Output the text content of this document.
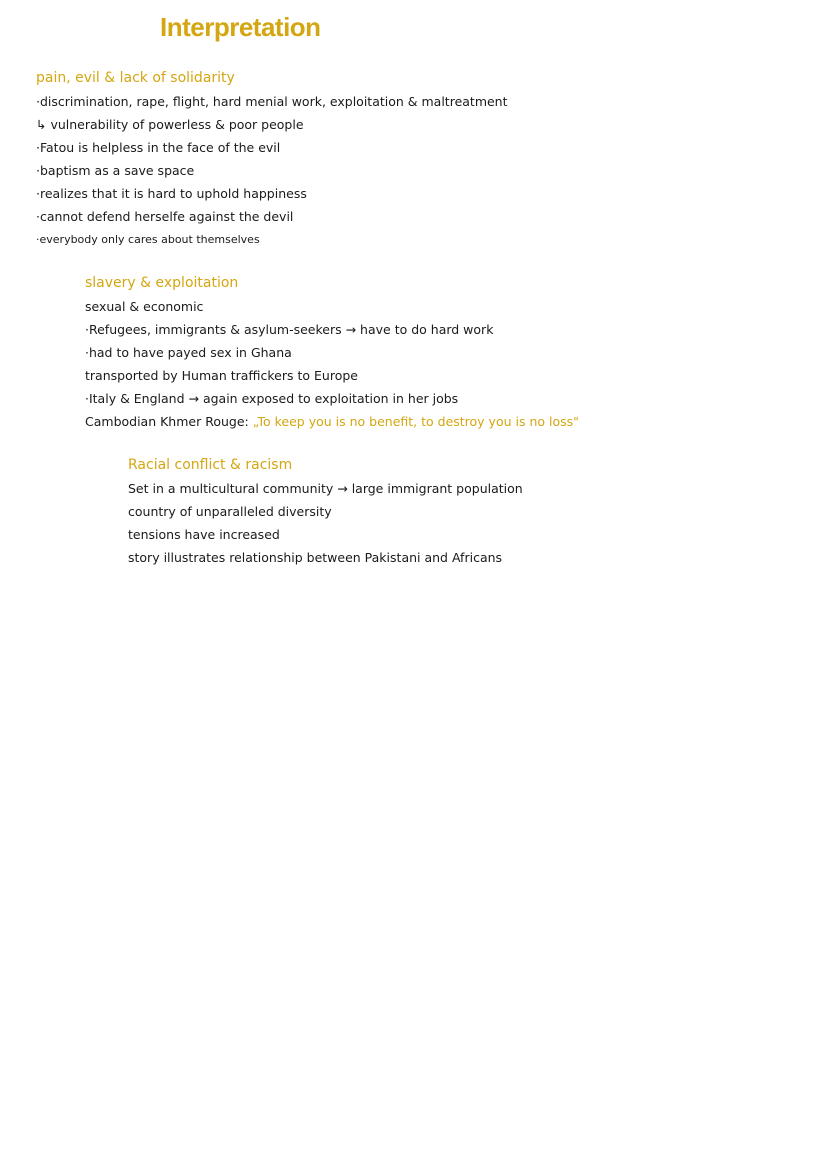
Interpretation
pain, evil & lack of solidarity
·discrimination, rape, flight, hard menial work, exploitation & maltreatment
↳ vulnerability of powerless & poor people
·Fatou is helpless in the face of the evil
·baptism as a save space
·realizes that it is hard to uphold happiness
·cannot defend herselfe against the devil
·everybody only cares about themselves
slavery & exploitation
sexual & economic
·Refugees, immigrants & asylum-seekers → have to do hard work
·had to have payed sex in Ghana
transported by Human traffickers to Europe
·Italy & England → again exposed to exploitation in her jobs
Cambodian Khmer Rouge: „To keep you is no benefit, to destroy you is no loss"
Racial conflict & racism
Set in a multicultural community → large immigrant population
country of unparalleled diversity
tensions have increased
story illustrates relationship between Pakistani and Africans
